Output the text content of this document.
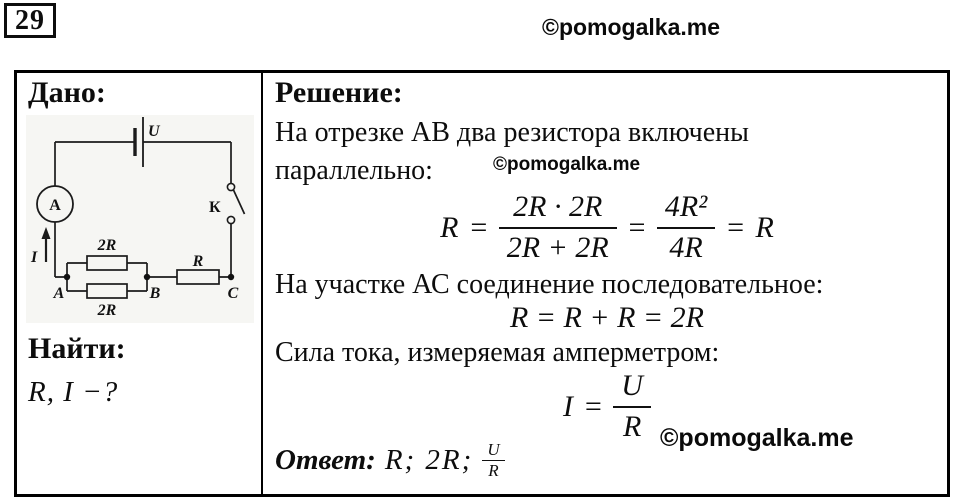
29	©pomogalka.me
Дано:
U
К
I
A
2R
2R
R
A	B	C
Найти:
R, I −?
Решение:
На отрезке АВ два резистора включены
параллельно:	©pomogalka.me
$R = \frac{2R \cdot 2R}{2R + 2R} = \frac{\text{4R²}}{4R} = R$
На участке АС соединение последовательное:
R = R + R = 2R
Сила тока, измеряемая амперметром:
$I = \frac{U}{R}$ ©pomogalka.me
Ответ: R; 2R; $\frac{U}{R}$
